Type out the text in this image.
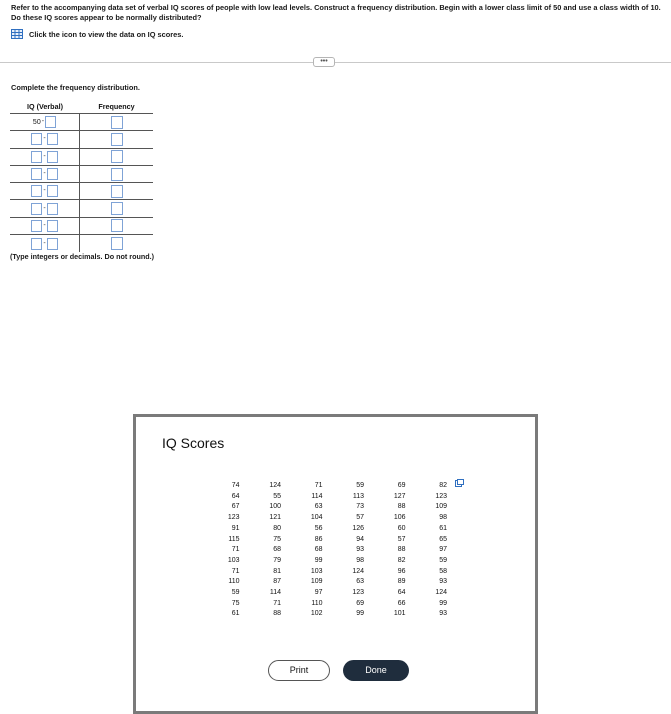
Refer to the accompanying data set of verbal IQ scores of people with low lead levels. Construct a frequency distribution. Begin with a lower class limit of 50 and use a class width of 10. Do these IQ scores appear to be normally distributed?
Click the icon to view the data on IQ scores.
•••
Complete the frequency distribution.
IQ (Verbal)	Frequency
50 -
-
-
-
-
-
-
-
(Type integers or decimals. Do not round.)
IQ Scores
74	124	71	59	69	82
64	55	114	113	127	123
67	100	63	73	88	109
123	121	104	57	106	98
91	80	56	126	60	61
115	75	86	94	57	65
71	68	68	93	88	97
103	79	99	98	82	59
71	81	103	124	96	58
110	87	109	63	89	93
59	114	97	123	64	124
75	71	110	69	66	99
61	88	102	99	101	93
Print	Done
